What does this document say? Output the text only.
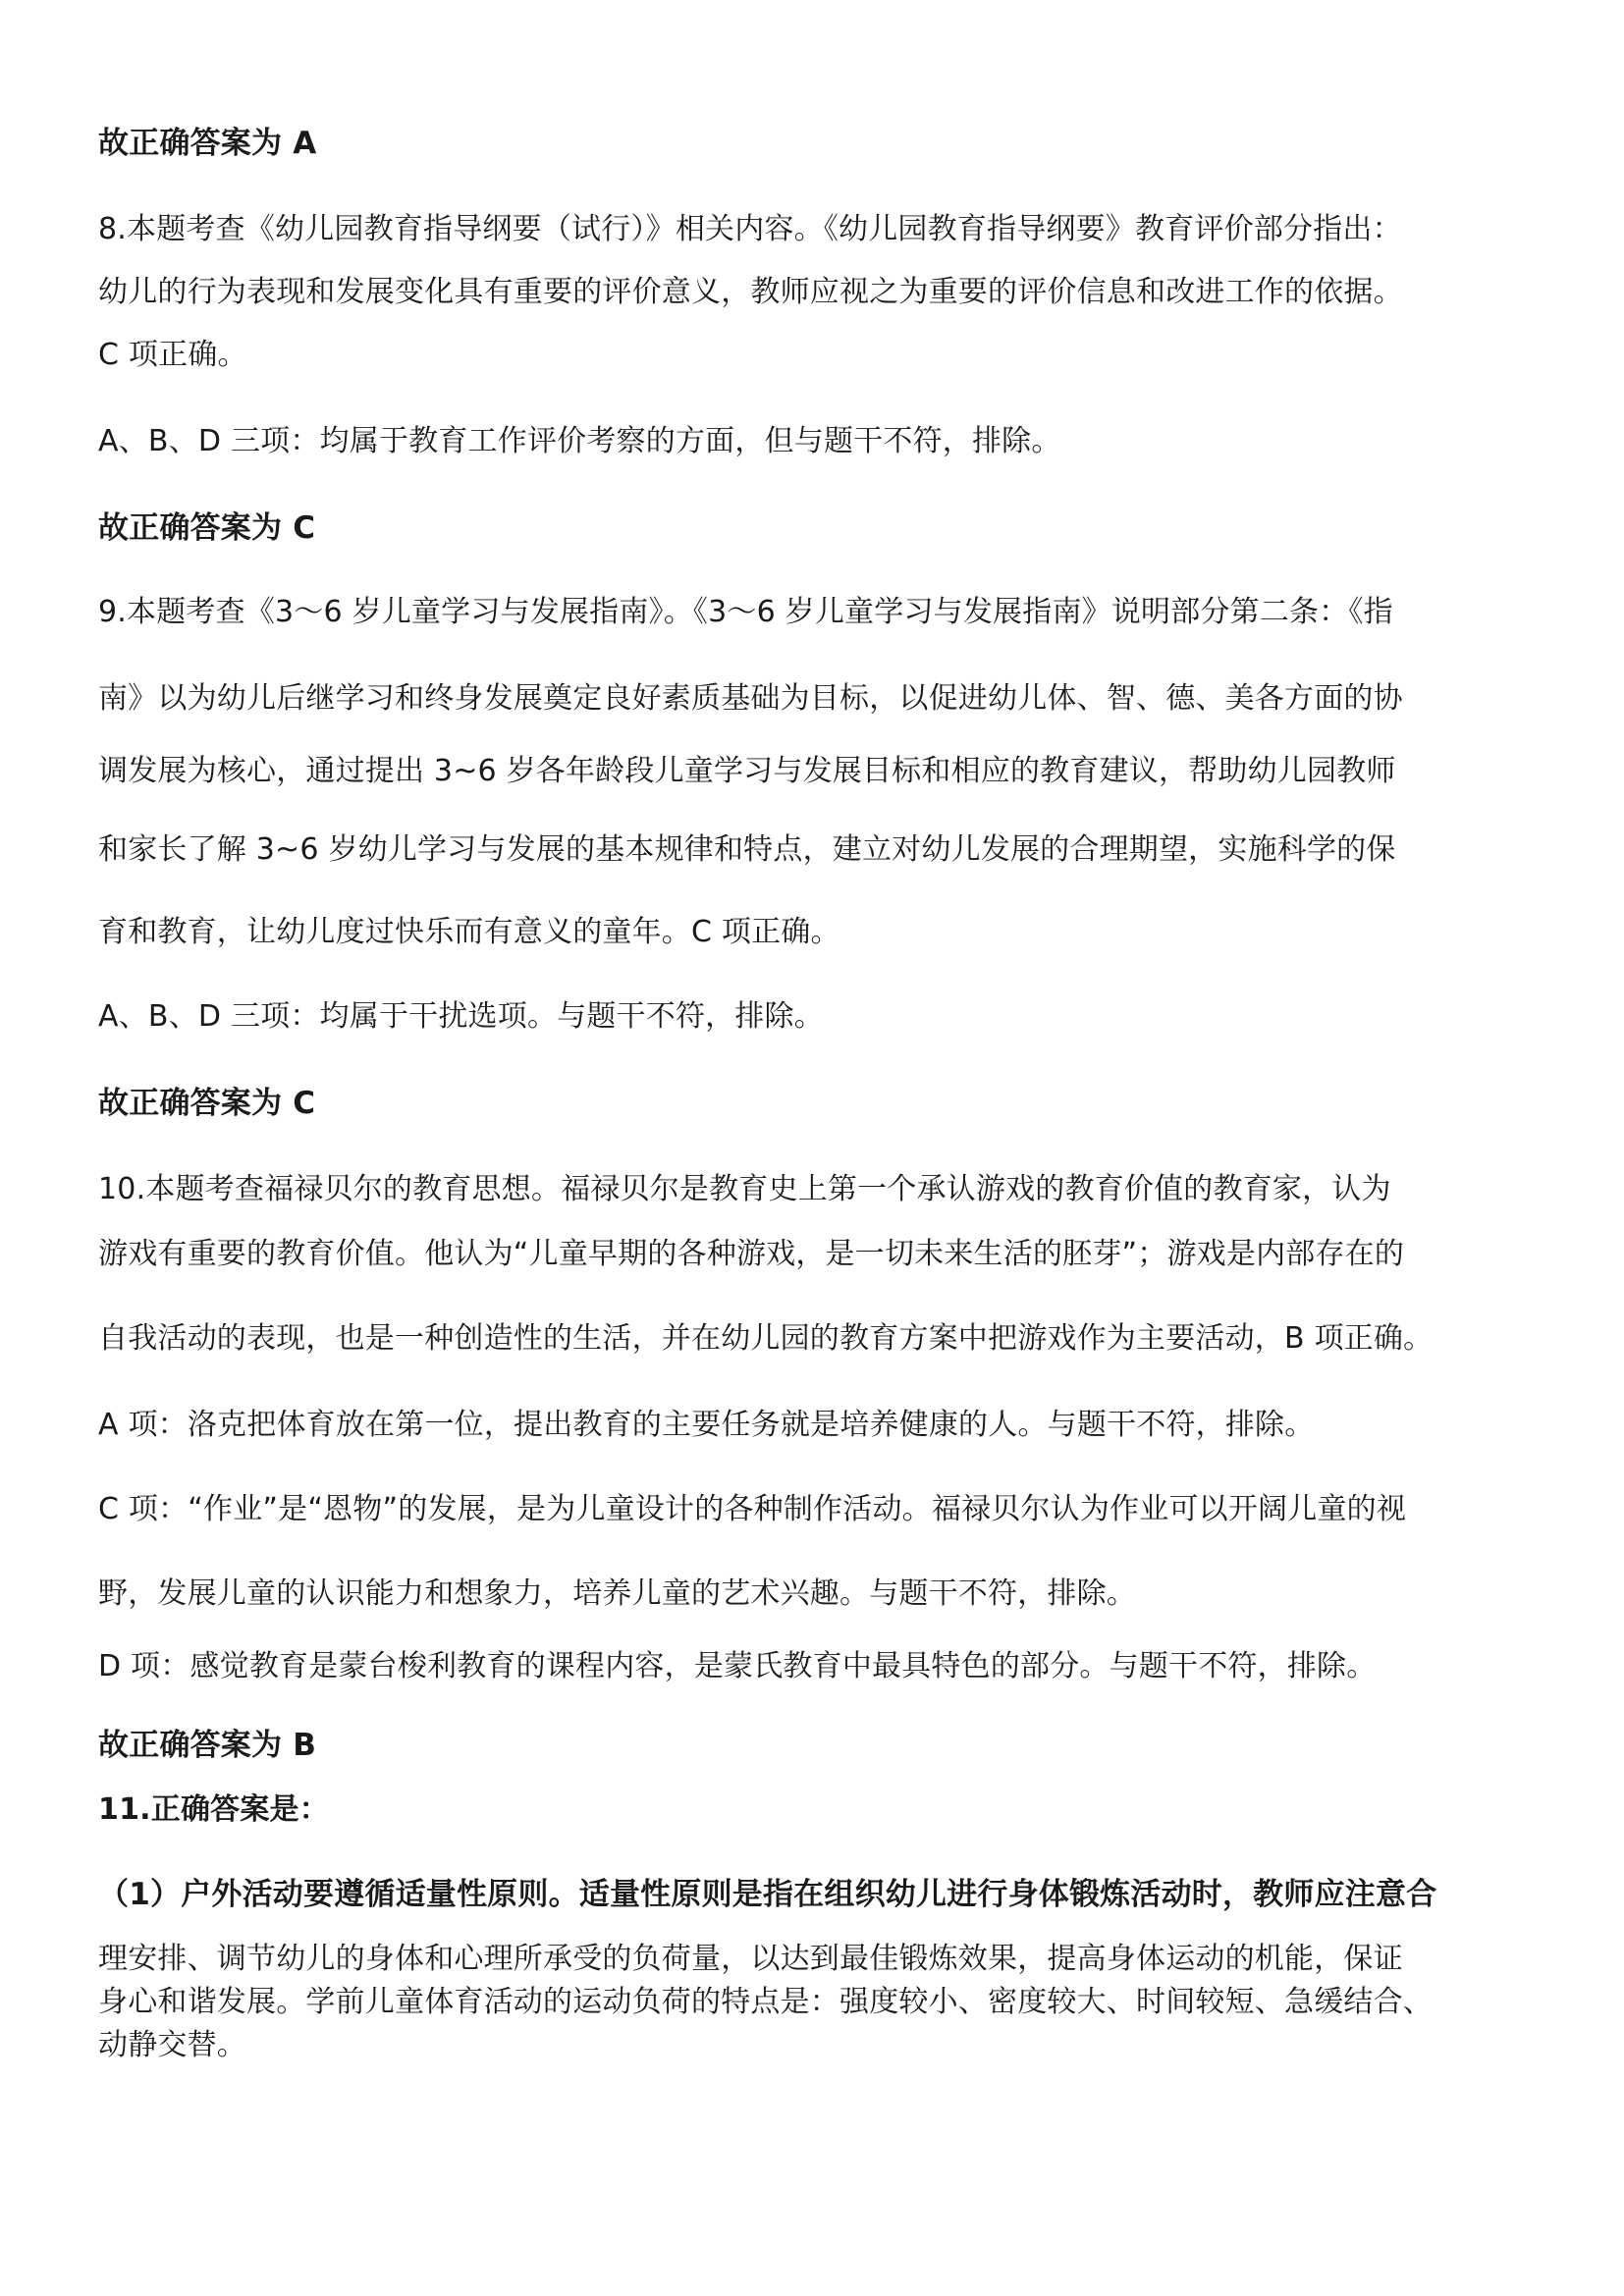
故正确答案为 A
8.本题考查《幼儿园教育指导纲要（试行）》相关内容。《幼儿园教育指导纲要》教育评价部分指出：
幼儿的行为表现和发展变化具有重要的评价意义，教师应视之为重要的评价信息和改进工作的依据。
C 项正确。
A、B、D 三项：均属于教育工作评价考察的方面，但与题干不符，排除。
故正确答案为 C
9.本题考查《3～6 岁儿童学习与发展指南》。《3～6 岁儿童学习与发展指南》说明部分第二条：《指
南》以为幼儿后继学习和终身发展奠定良好素质基础为目标，以促进幼儿体、智、德、美各方面的协
调发展为核心，通过提出 3~6 岁各年龄段儿童学习与发展目标和相应的教育建议，帮助幼儿园教师
和家长了解 3~6 岁幼儿学习与发展的基本规律和特点，建立对幼儿发展的合理期望，实施科学的保
育和教育，让幼儿度过快乐而有意义的童年。C 项正确。
A、B、D 三项：均属于干扰选项。与题干不符，排除。
故正确答案为 C
10.本题考查福禄贝尔的教育思想。福禄贝尔是教育史上第一个承认游戏的教育价值的教育家，认为
游戏有重要的教育价值。他认为“儿童早期的各种游戏，是一切未来生活的胚芽”；游戏是内部存在的
自我活动的表现，也是一种创造性的生活，并在幼儿园的教育方案中把游戏作为主要活动，B 项正确。
A 项：洛克把体育放在第一位，提出教育的主要任务就是培养健康的人。与题干不符，排除。
C 项：“作业”是“恩物”的发展，是为儿童设计的各种制作活动。福禄贝尔认为作业可以开阔儿童的视
野，发展儿童的认识能力和想象力，培养儿童的艺术兴趣。与题干不符，排除。
D 项：感觉教育是蒙台梭利教育的课程内容，是蒙氏教育中最具特色的部分。与题干不符，排除。
故正确答案为 B
11.正确答案是：
（1）户外活动要遵循适量性原则。适量性原则是指在组织幼儿进行身体锻炼活动时，教师应注意合
理安排、调节幼儿的身体和心理所承受的负荷量，以达到最佳锻炼效果，提高身体运动的机能，保证
身心和谐发展。学前儿童体育活动的运动负荷的特点是：强度较小、密度较大、时间较短、急缓结合、
动静交替。
